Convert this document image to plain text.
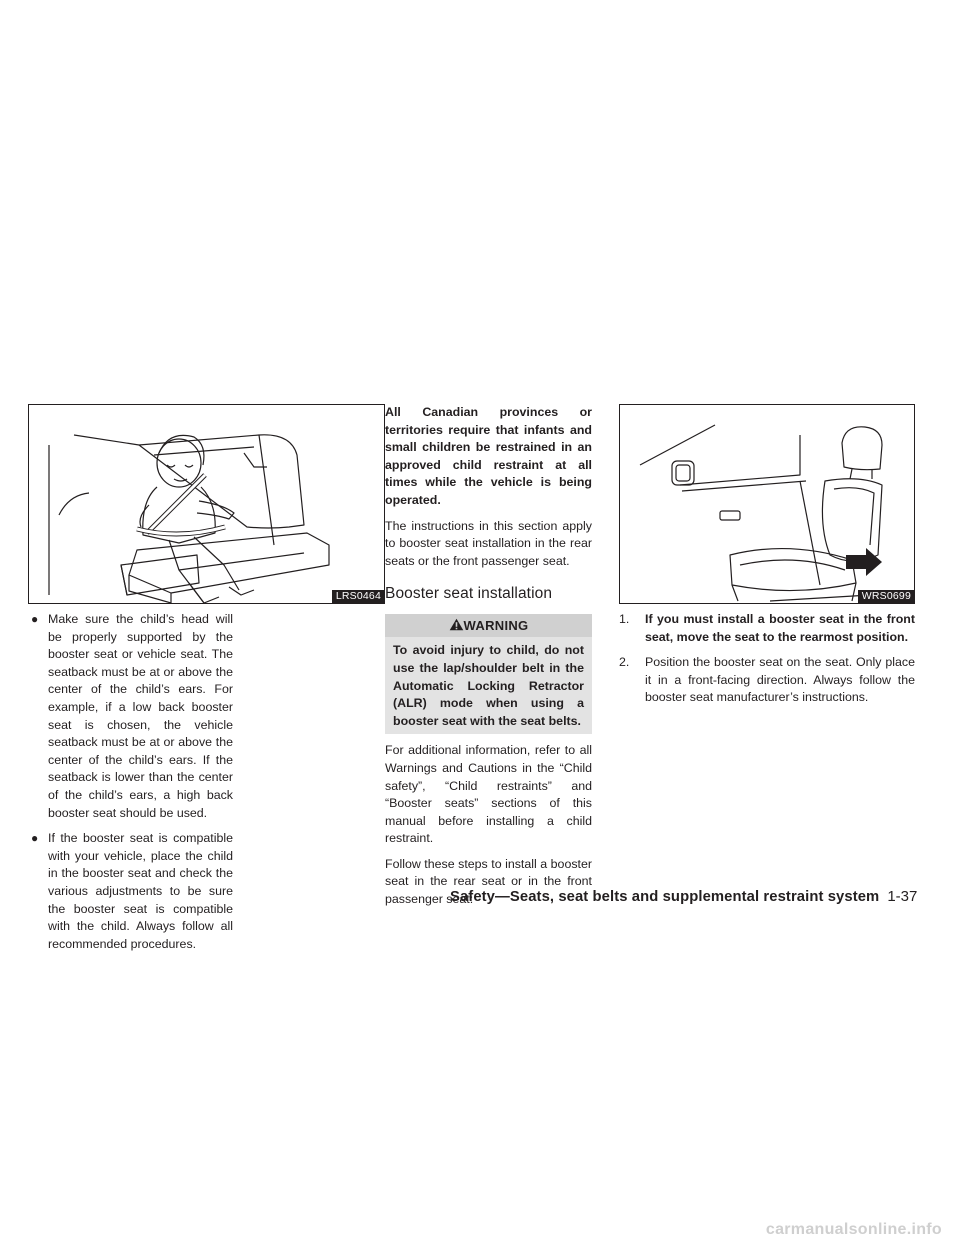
LRS0464
● Make sure the child’s head will be properly supported by the booster seat or vehicle seat. The seatback must be at or above the center of the child’s ears. For example, if a low back booster seat is chosen, the vehicle seatback must be at or above the center of the child’s ears. If the seatback is lower than the center of the child’s ears, a high back booster seat should be used.
● If the booster seat is compatible with your vehicle, place the child in the booster seat and check the various adjustments to be sure the booster seat is compatible with the child. Always follow all recommended procedures.

All Canadian provinces or territories require that infants and small children be restrained in an approved child restraint at all times while the vehicle is being operated.

The instructions in this section apply to booster seat installation in the rear seats or the front passenger seat.

Booster seat installation
WARNING
To avoid injury to child, do not use the lap/shoulder belt in the Automatic Locking Retractor (ALR) mode when using a booster seat with the seat belts.

For additional information, refer to all Warnings and Cautions in the “Child safety”, “Child restraints” and “Booster seats” sections of this manual before installing a child restraint.

Follow these steps to install a booster seat in the rear seat or in the front passenger seat:

WRS0699
1. If you must install a booster seat in the front seat, move the seat to the rearmost position.
2. Position the booster seat on the seat. Only place it in a front-facing direction. Always follow the booster seat manufacturer’s instructions.
Safety—Seats, seat belts and supplemental restraint system 1-37
carmanualsonline.info
